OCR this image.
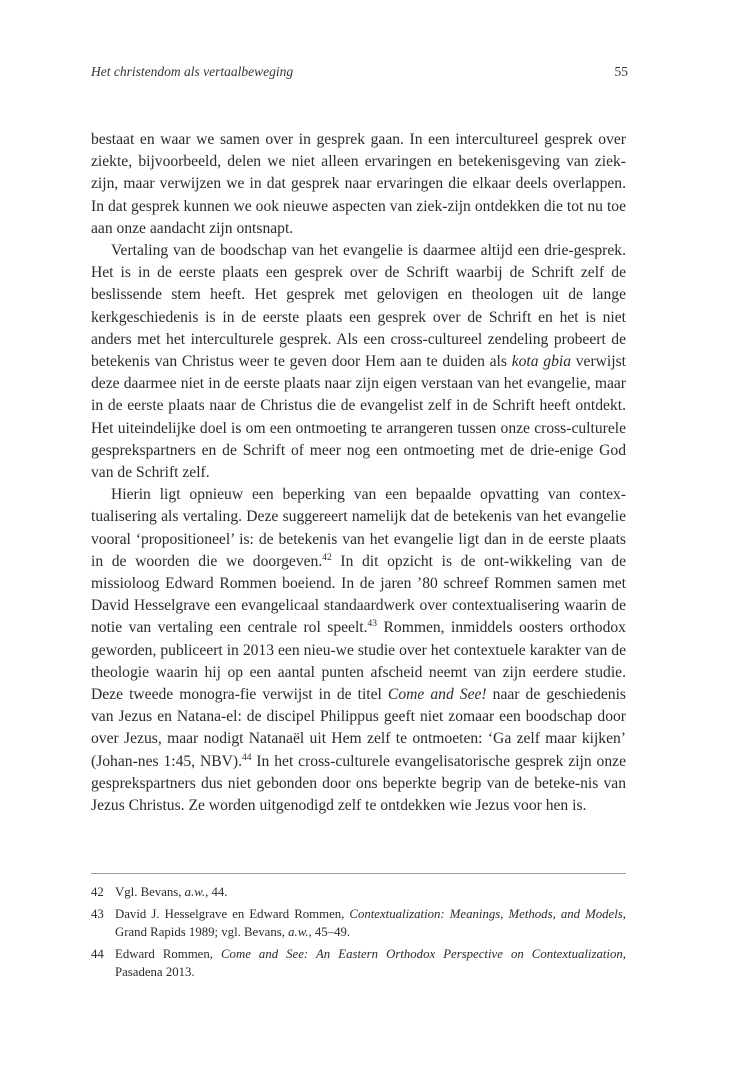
Het christendom als vertaalbeweging	55

bestaat en waar we samen over in gesprek gaan. In een intercultureel gesprek over ziekte, bijvoorbeeld, delen we niet alleen ervaringen en betekenisgeving van ziek-zijn, maar verwijzen we in dat gesprek naar ervaringen die elkaar deels overlappen. In dat gesprek kunnen we ook nieuwe aspecten van ziek-zijn ontdekken die tot nu toe aan onze aandacht zijn ontsnapt.

Vertaling van de boodschap van het evangelie is daarmee altijd een drie-gesprek. Het is in de eerste plaats een gesprek over de Schrift waarbij de Schrift zelf de beslissende stem heeft. Het gesprek met gelovigen en theologen uit de lange kerkgeschiedenis is in de eerste plaats een gesprek over de Schrift en het is niet anders met het interculturele gesprek. Als een cross-cultureel zendeling probeert de betekenis van Christus weer te geven door Hem aan te duiden als kota gbia verwijst deze daarmee niet in de eerste plaats naar zijn eigen verstaan van het evangelie, maar in de eerste plaats naar de Christus die de evangelist zelf in de Schrift heeft ontdekt. Het uiteindelijke doel is om een ontmoeting te arrangeren tussen onze cross-culturele gesprekspartners en de Schrift of meer nog een ontmoeting met de drie-enige God van de Schrift zelf.

Hierin ligt opnieuw een beperking van een bepaalde opvatting van contex-tualisering als vertaling. Deze suggereert namelijk dat de betekenis van het evangelie vooral ‘propositioneel’ is: de betekenis van het evangelie ligt dan in de eerste plaats in de woorden die we doorgeven.$^{42}$ In dit opzicht is de ont-wikkeling van de missioloog Edward Rommen boeiend. In de jaren ’80 schreef Rommen samen met David Hesselgrave een evangelicaal standaardwerk over contextualisering waarin de notie van vertaling een centrale rol speelt.$^{43}$ Rommen, inmiddels oosters orthodox geworden, publiceert in 2013 een nieu-we studie over het contextuele karakter van de theologie waarin hij op een aantal punten afscheid neemt van zijn eerdere studie. Deze tweede monogra-fie verwijst in de titel Come and See! naar de geschiedenis van Jezus en Natana-el: de discipel Philippus geeft niet zomaar een boodschap door over Jezus, maar nodigt Natanaël uit Hem zelf te ontmoeten: ‘Ga zelf maar kijken’ (Johan-nes 1:45, NBV).$^{44}$ In het cross-culturele evangelisatorische gesprek zijn onze gesprekspartners dus niet gebonden door ons beperkte begrip van de beteke-nis van Jezus Christus. Ze worden uitgenodigd zelf te ontdekken wie Jezus voor hen is.

42 Vgl. Bevans, a.w., 44.
43 David J. Hesselgrave en Edward Rommen, Contextualization: Meanings, Methods, and Models, Grand Rapids 1989; vgl. Bevans, a.w., 45–49.
44 Edward Rommen, Come and See: An Eastern Orthodox Perspective on Contextualization, Pasadena 2013.
